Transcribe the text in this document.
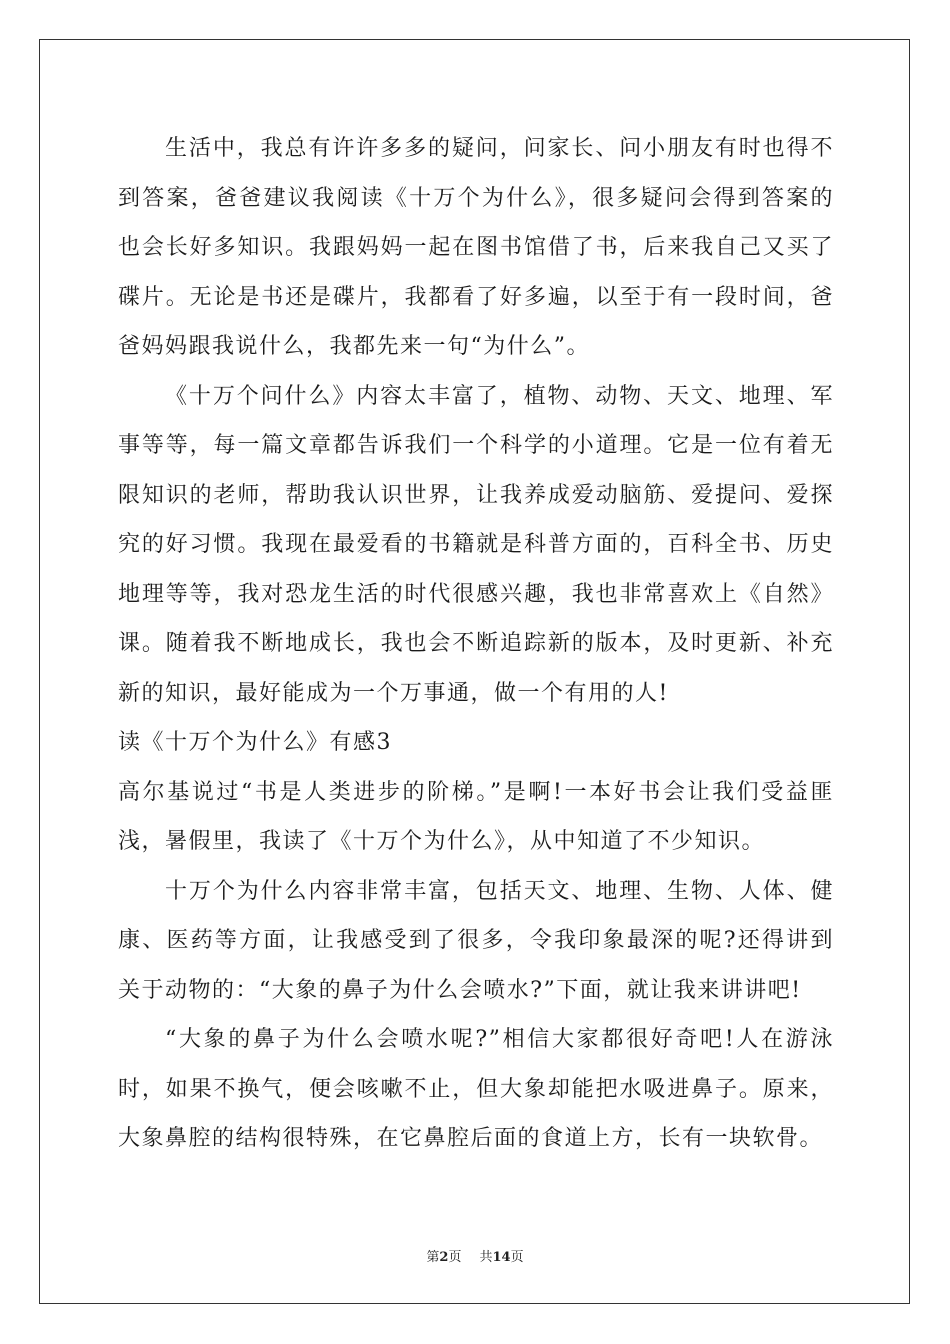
生活中，我总有许许多多的疑问，问家长、问小朋友有时也得不到答案，爸爸建议我阅读《十万个为什么》，很多疑问会得到答案的也会长好多知识。我跟妈妈一起在图书馆借了书，后来我自己又买了碟片。无论是书还是碟片，我都看了好多遍，以至于有一段时间，爸爸妈妈跟我说什么，我都先来一句“为什么”。

《十万个问什么》内容太丰富了，植物、动物、天文、地理、军事等等，每一篇文章都告诉我们一个科学的小道理。它是一位有着无限知识的老师，帮助我认识世界，让我养成爱动脑筋、爱提问、爱探究的好习惯。我现在最爱看的书籍就是科普方面的，百科全书、历史地理等等，我对恐龙生活的时代很感兴趣，我也非常喜欢上《自然》课。随着我不断地成长，我也会不断追踪新的版本，及时更新、补充新的知识，最好能成为一个万事通，做一个有用的人!

读《十万个为什么》有感3

高尔基说过“书是人类进步的阶梯。”是啊!一本好书会让我们受益匪浅，暑假里，我读了《十万个为什么》，从中知道了不少知识。

十万个为什么内容非常丰富，包括天文、地理、生物、人体、健康、医药等方面，让我感受到了很多，令我印象最深的呢?还得讲到关于动物的：“大象的鼻子为什么会喷水?”下面，就让我来讲讲吧!

“大象的鼻子为什么会喷水呢?”相信大家都很好奇吧!人在游泳时，如果不换气，便会咳嗽不止，但大象却能把水吸进鼻子。原来，大象鼻腔的结构很特殊，在它鼻腔后面的食道上方，长有一块软骨。

第2页 共14页
